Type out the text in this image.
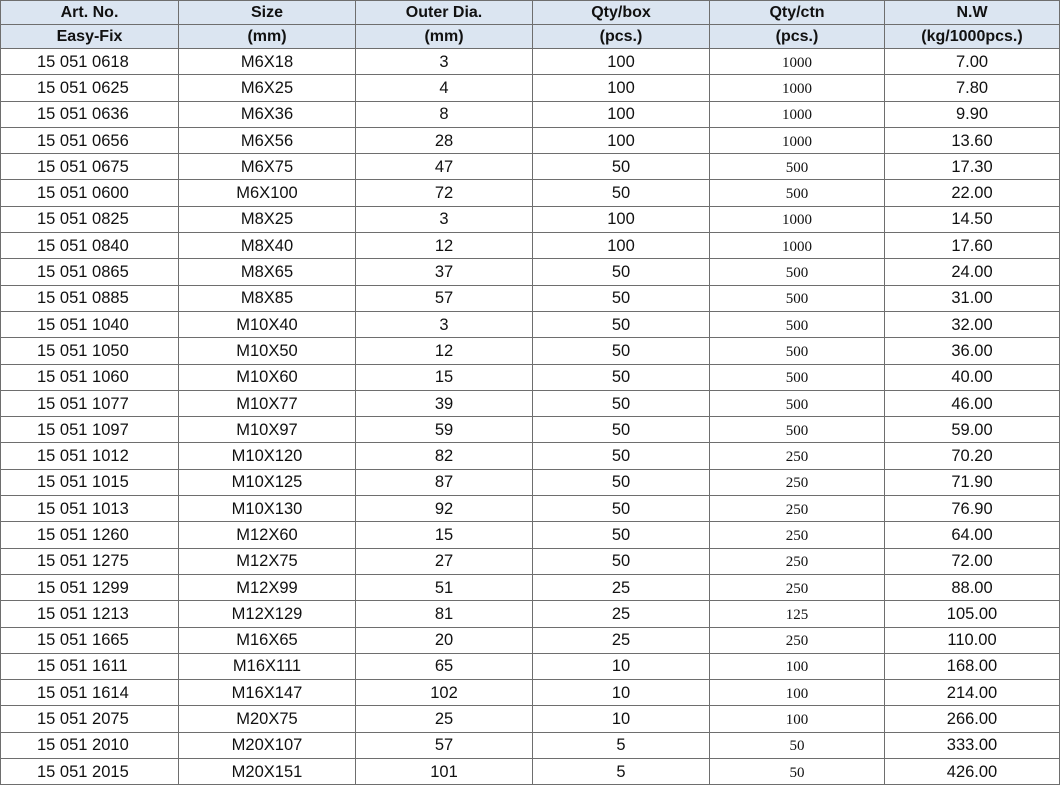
Art. No.	Size	Outer Dia.	Qty/box	Qty/ctn	N.W
Easy-Fix	(mm)	(mm)	(pcs.)	(pcs.)	(kg/1000pcs.)
15 051 0618	M6X18	3	100	1000	7.00
15 051 0625	M6X25	4	100	1000	7.80
15 051 0636	M6X36	8	100	1000	9.90
15 051 0656	M6X56	28	100	1000	13.60
15 051 0675	M6X75	47	50	500	17.30
15 051 0600	M6X100	72	50	500	22.00
15 051 0825	M8X25	3	100	1000	14.50
15 051 0840	M8X40	12	100	1000	17.60
15 051 0865	M8X65	37	50	500	24.00
15 051 0885	M8X85	57	50	500	31.00
15 051 1040	M10X40	3	50	500	32.00
15 051 1050	M10X50	12	50	500	36.00
15 051 1060	M10X60	15	50	500	40.00
15 051 1077	M10X77	39	50	500	46.00
15 051 1097	M10X97	59	50	500	59.00
15 051 1012	M10X120	82	50	250	70.20
15 051 1015	M10X125	87	50	250	71.90
15 051 1013	M10X130	92	50	250	76.90
15 051 1260	M12X60	15	50	250	64.00
15 051 1275	M12X75	27	50	250	72.00
15 051 1299	M12X99	51	25	250	88.00
15 051 1213	M12X129	81	25	125	105.00
15 051 1665	M16X65	20	25	250	110.00
15 051 1611	M16X111	65	10	100	168.00
15 051 1614	M16X147	102	10	100	214.00
15 051 2075	M20X75	25	10	100	266.00
15 051 2010	M20X107	57	5	50	333.00
15 051 2015	M20X151	101	5	50	426.00
